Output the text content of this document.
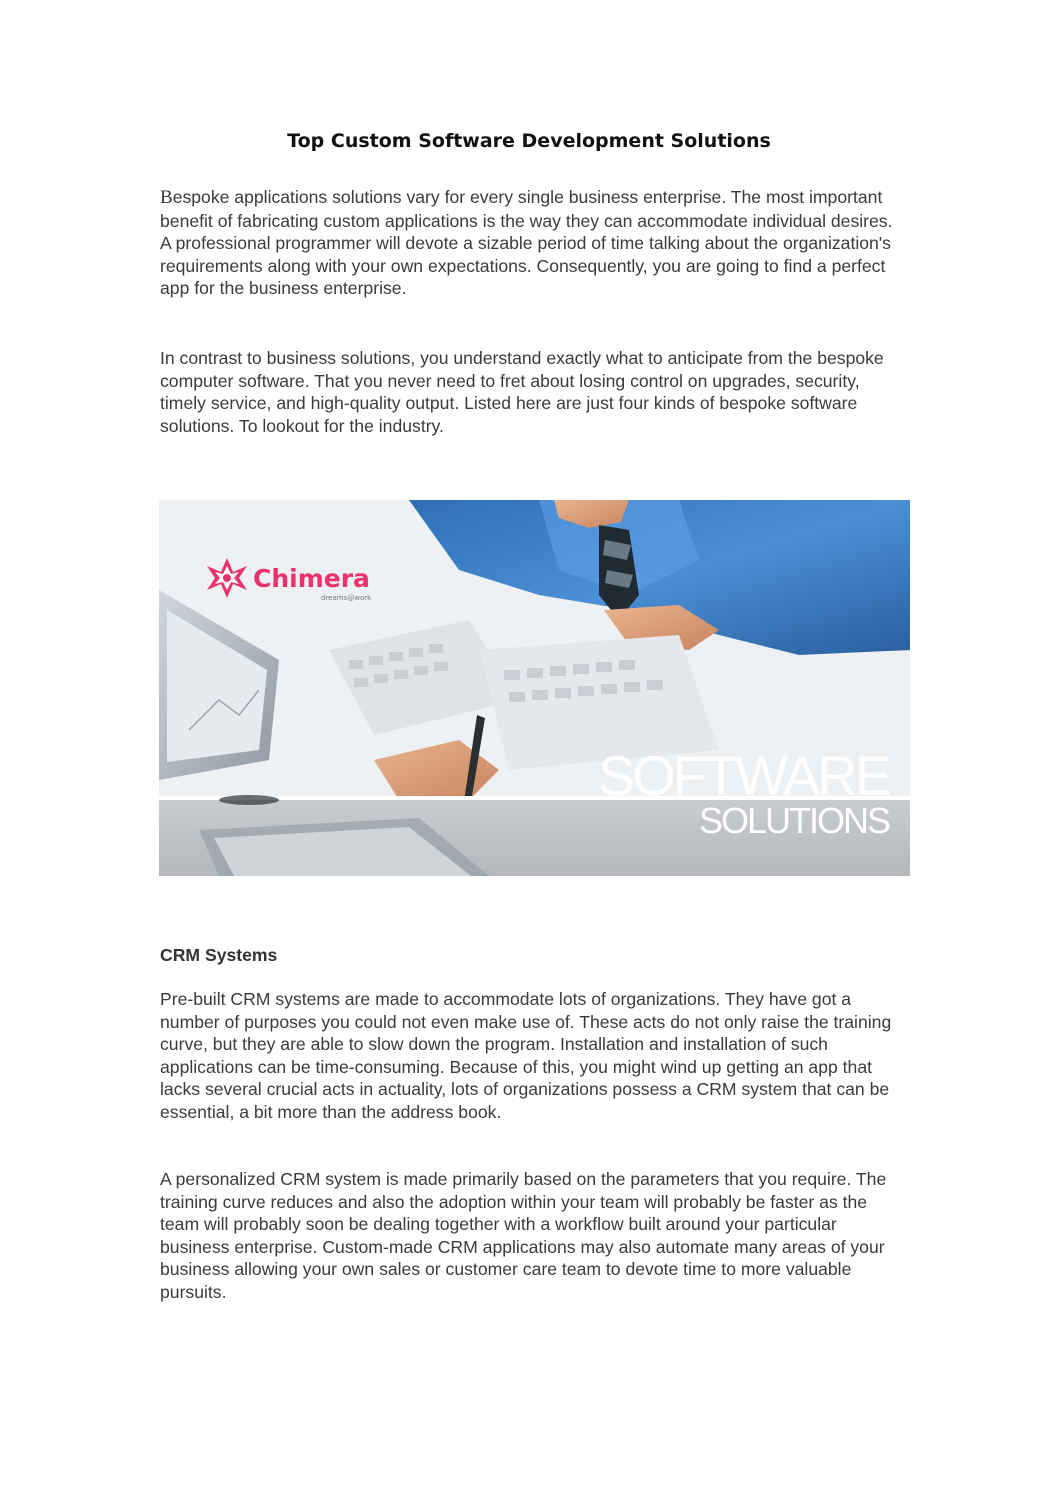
Top Custom Software Development Solutions

Bespoke applications solutions vary for every single business enterprise. The most important benefit of fabricating custom applications is the way they can accommodate individual desires. A professional programmer will devote a sizable period of time talking about the organization's requirements along with your own expectations. Consequently, you are going to find a perfect app for the business enterprise.

In contrast to business solutions, you understand exactly what to anticipate from the bespoke computer software. That you never need to fret about losing control on upgrades, security, timely service, and high-quality output. Listed here are just four kinds of bespoke software solutions. To lookout for the industry.

Chimera
dreams@work
SOFTWARE
SOLUTIONS
CRM Systems

Pre-built CRM systems are made to accommodate lots of organizations. They have got a number of purposes you could not even make use of. These acts do not only raise the training curve, but they are able to slow down the program. Installation and installation of such applications can be time-consuming. Because of this, you might wind up getting an app that lacks several crucial acts in actuality, lots of organizations possess a CRM system that can be essential, a bit more than the address book.

A personalized CRM system is made primarily based on the parameters that you require. The training curve reduces and also the adoption within your team will probably be faster as the team will probably soon be dealing together with a workflow built around your particular business enterprise. Custom-made CRM applications may also automate many areas of your business allowing your own sales or customer care team to devote time to more valuable pursuits.
